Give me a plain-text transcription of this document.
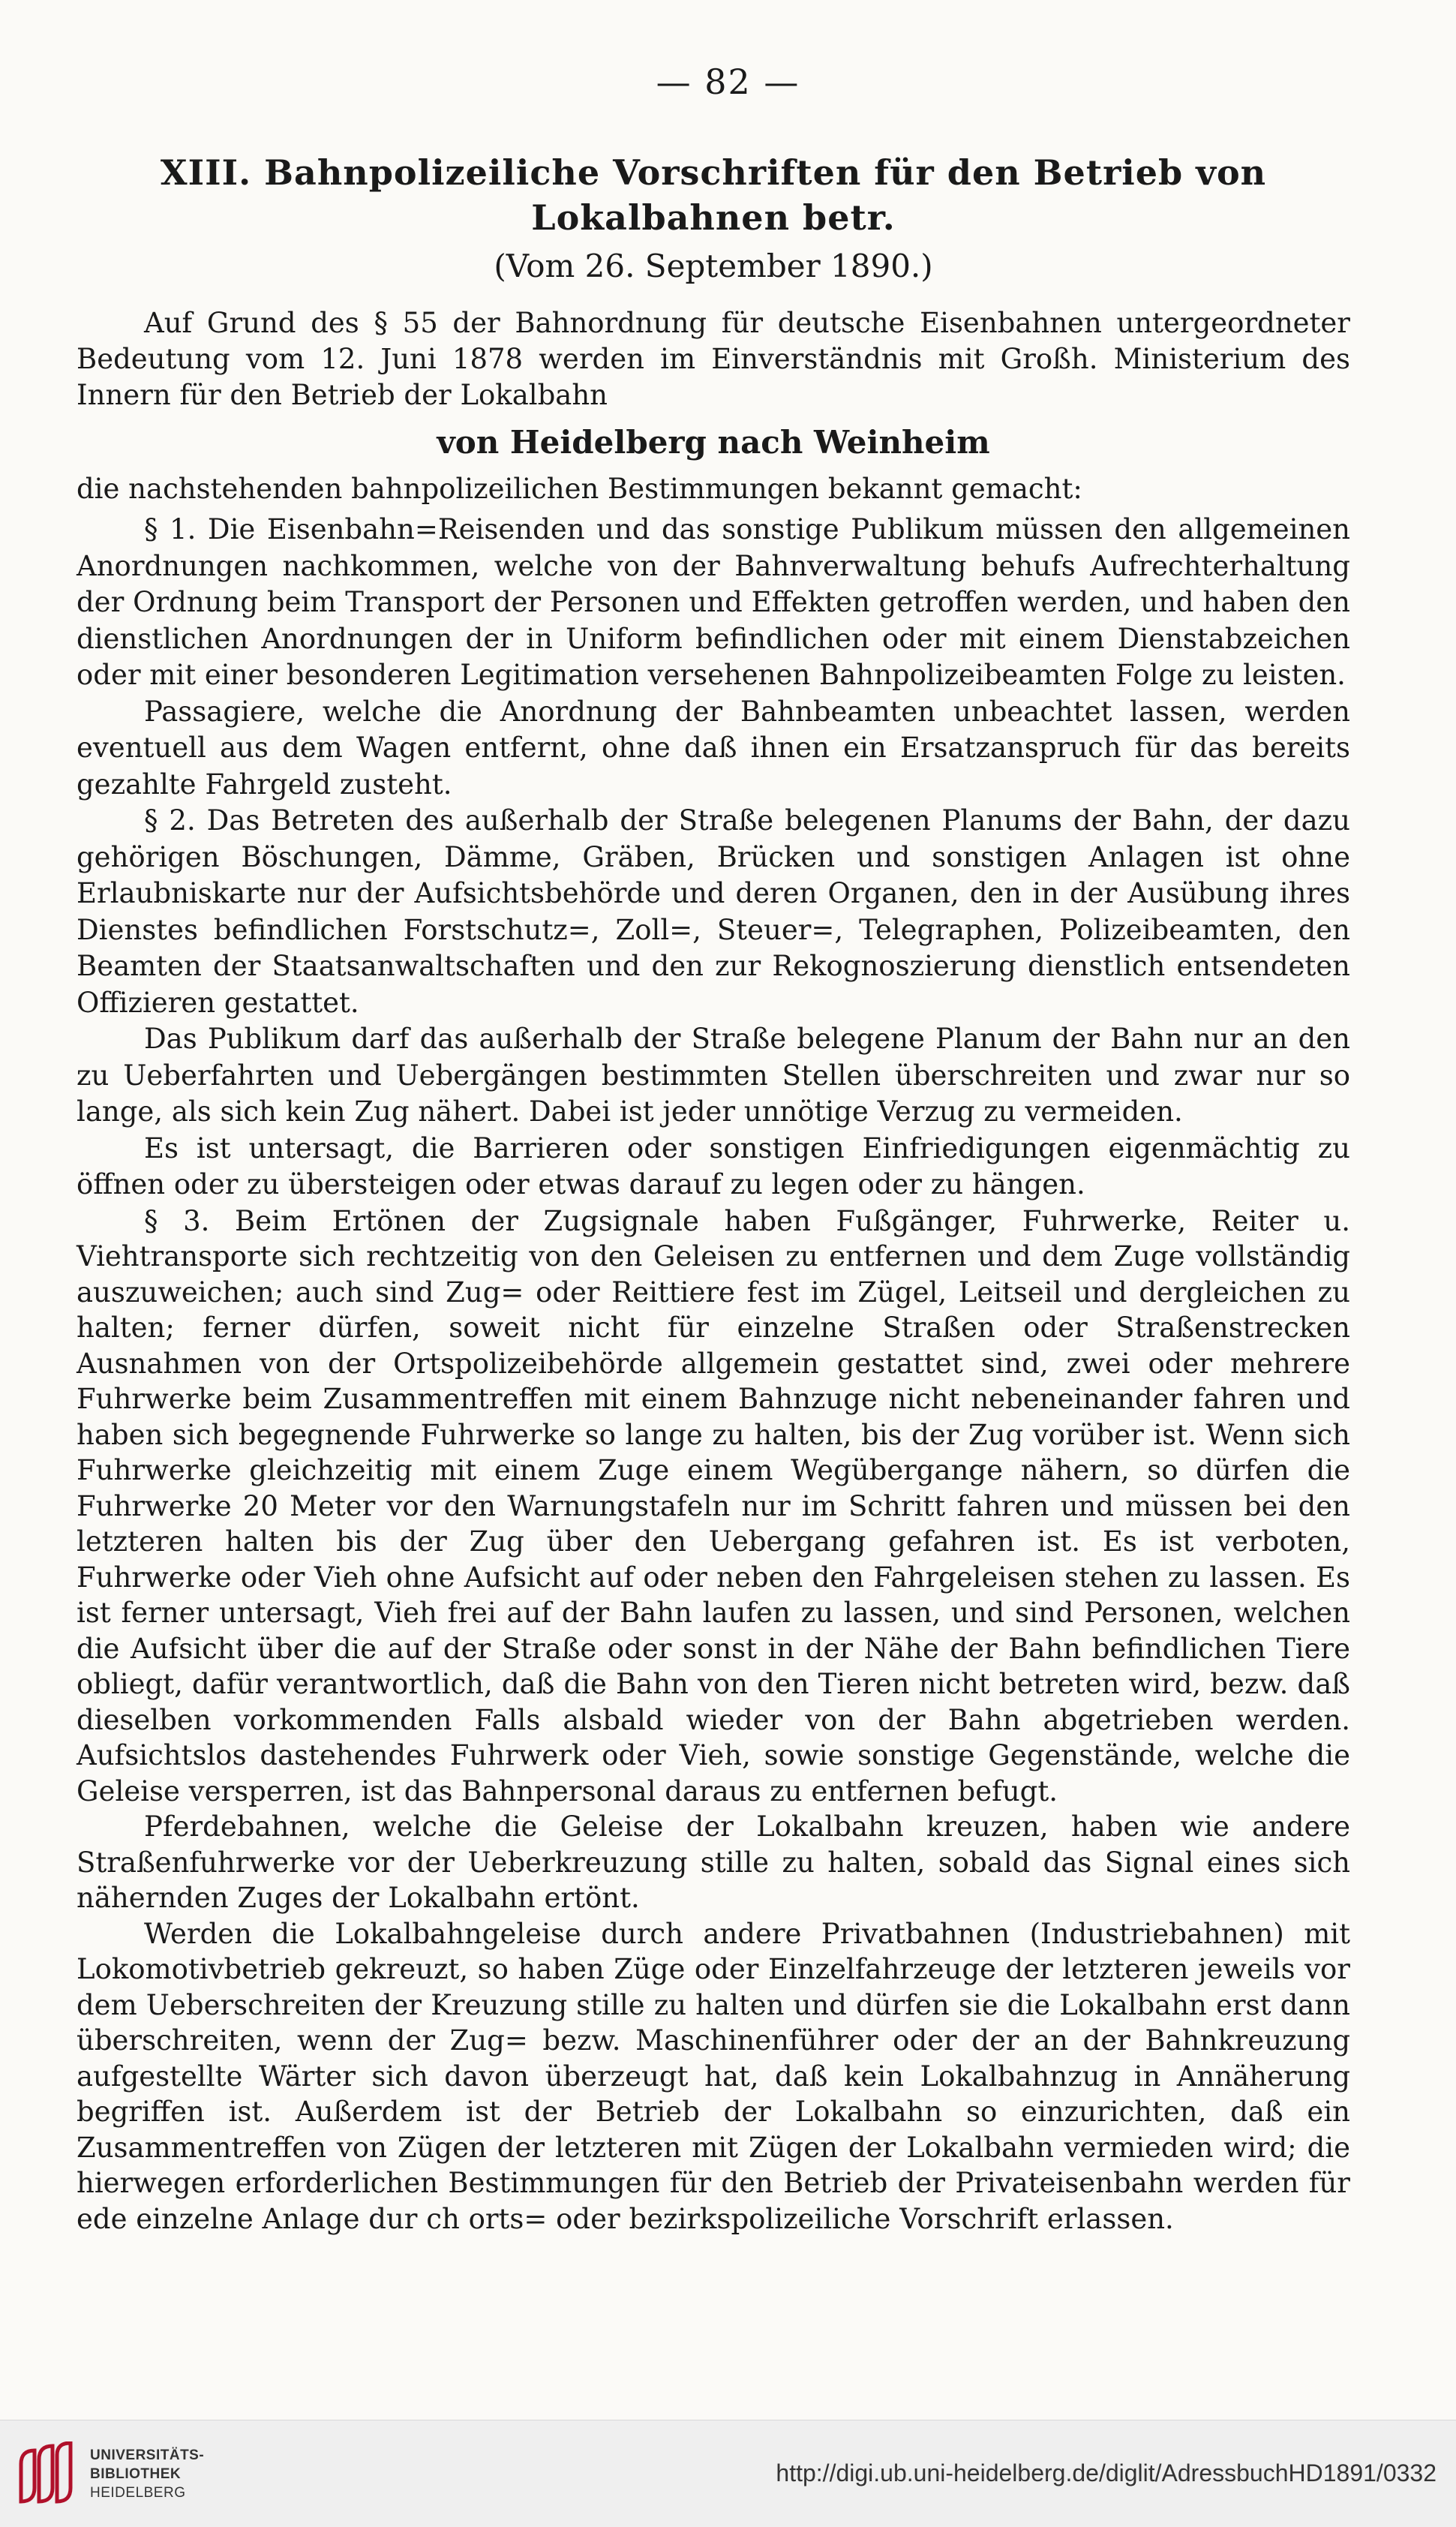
— 82 —
XIII. Bahnpolizeiliche Vorschriften für den Betrieb von Lokalbahnen betr.
(Vom 26. September 1890.)

Auf Grund des § 55 der Bahnordnung für deutsche Eisenbahnen untergeordneter Bedeutung vom 12. Juni 1878 werden im Einverständnis mit Großh. Ministerium des Innern für den Betrieb der Lokalbahn

von Heidelberg nach Weinheim

die nachstehenden bahnpolizeilichen Bestimmungen bekannt gemacht:

§ 1. Die Eisenbahn=Reisenden und das sonstige Publikum müssen den allgemeinen Anordnungen nachkommen, welche von der Bahnverwaltung behufs Aufrechterhaltung der Ordnung beim Transport der Personen und Effekten getroffen werden, und haben den dienstlichen Anordnungen der in Uniform befindlichen oder mit einem Dienstabzeichen oder mit einer besonderen Legitimation versehenen Bahnpolizeibeamten Folge zu leisten.

Passagiere, welche die Anordnung der Bahnbeamten unbeachtet lassen, werden eventuell aus dem Wagen entfernt, ohne daß ihnen ein Ersatzanspruch für das bereits gezahlte Fahrgeld zusteht.

§ 2. Das Betreten des außerhalb der Straße belegenen Planums der Bahn, der dazu gehörigen Böschungen, Dämme, Gräben, Brücken und sonstigen Anlagen ist ohne Erlaubniskarte nur der Aufsichtsbehörde und deren Organen, den in der Ausübung ihres Dienstes befindlichen Forstschutz=, Zoll=, Steuer=, Telegraphen, Polizeibeamten, den Beamten der Staatsanwaltschaften und den zur Rekognoszierung dienstlich entsendeten Offizieren gestattet.

Das Publikum darf das außerhalb der Straße belegene Planum der Bahn nur an den zu Ueberfahrten und Uebergängen bestimmten Stellen überschreiten und zwar nur so lange, als sich kein Zug nähert. Dabei ist jeder unnötige Verzug zu vermeiden.

Es ist untersagt, die Barrieren oder sonstigen Einfriedigungen eigenmächtig zu öffnen oder zu übersteigen oder etwas darauf zu legen oder zu hängen.

§ 3. Beim Ertönen der Zugsignale haben Fußgänger, Fuhrwerke, Reiter u. Viehtransporte sich rechtzeitig von den Geleisen zu entfernen und dem Zuge vollständig auszuweichen; auch sind Zug= oder Reittiere fest im Zügel, Leitseil und dergleichen zu halten; ferner dürfen, soweit nicht für einzelne Straßen oder Straßenstrecken Ausnahmen von der Ortspolizeibehörde allgemein gestattet sind, zwei oder mehrere Fuhrwerke beim Zusammentreffen mit einem Bahnzuge nicht nebeneinander fahren und haben sich begegnende Fuhrwerke so lange zu halten, bis der Zug vorüber ist. Wenn sich Fuhrwerke gleichzeitig mit einem Zuge einem Wegübergange nähern, so dürfen die Fuhrwerke 20 Meter vor den Warnungstafeln nur im Schritt fahren und müssen bei den letzteren halten bis der Zug über den Uebergang gefahren ist. Es ist verboten, Fuhrwerke oder Vieh ohne Aufsicht auf oder neben den Fahrgeleisen stehen zu lassen. Es ist ferner untersagt, Vieh frei auf der Bahn laufen zu lassen, und sind Personen, welchen die Aufsicht über die auf der Straße oder sonst in der Nähe der Bahn befindlichen Tiere obliegt, dafür verantwortlich, daß die Bahn von den Tieren nicht betreten wird, bezw. daß dieselben vorkommenden Falls alsbald wieder von der Bahn abgetrieben werden. Aufsichtslos dastehendes Fuhrwerk oder Vieh, sowie sonstige Gegenstände, welche die Geleise versperren, ist das Bahnpersonal daraus zu entfernen befugt.

Pferdebahnen, welche die Geleise der Lokalbahn kreuzen, haben wie andere Straßenfuhrwerke vor der Ueberkreuzung stille zu halten, sobald das Signal eines sich nähernden Zuges der Lokalbahn ertönt.

Werden die Lokalbahngeleise durch andere Privatbahnen (Industriebahnen) mit Lokomotivbetrieb gekreuzt, so haben Züge oder Einzelfahrzeuge der letzteren jeweils vor dem Ueberschreiten der Kreuzung stille zu halten und dürfen sie die Lokalbahn erst dann überschreiten, wenn der Zug= bezw. Maschinenführer oder der an der Bahnkreuzung aufgestellte Wärter sich davon überzeugt hat, daß kein Lokalbahnzug in Annäherung begriffen ist. Außerdem ist der Betrieb der Lokalbahn so einzurichten, daß ein Zusammentreffen von Zügen der letzteren mit Zügen der Lokalbahn vermieden wird; die hierwegen erforderlichen Bestimmungen für den Betrieb der Privateisenbahn werden für ede einzelne Anlage dur ch orts= oder bezirkspolizeiliche Vorschrift erlassen.

UNIVERSITÄTS-
BIBLIOTHEK
HEIDELBERG
http://digi.ub.uni-heidelberg.de/diglit/AdressbuchHD1891/0332
